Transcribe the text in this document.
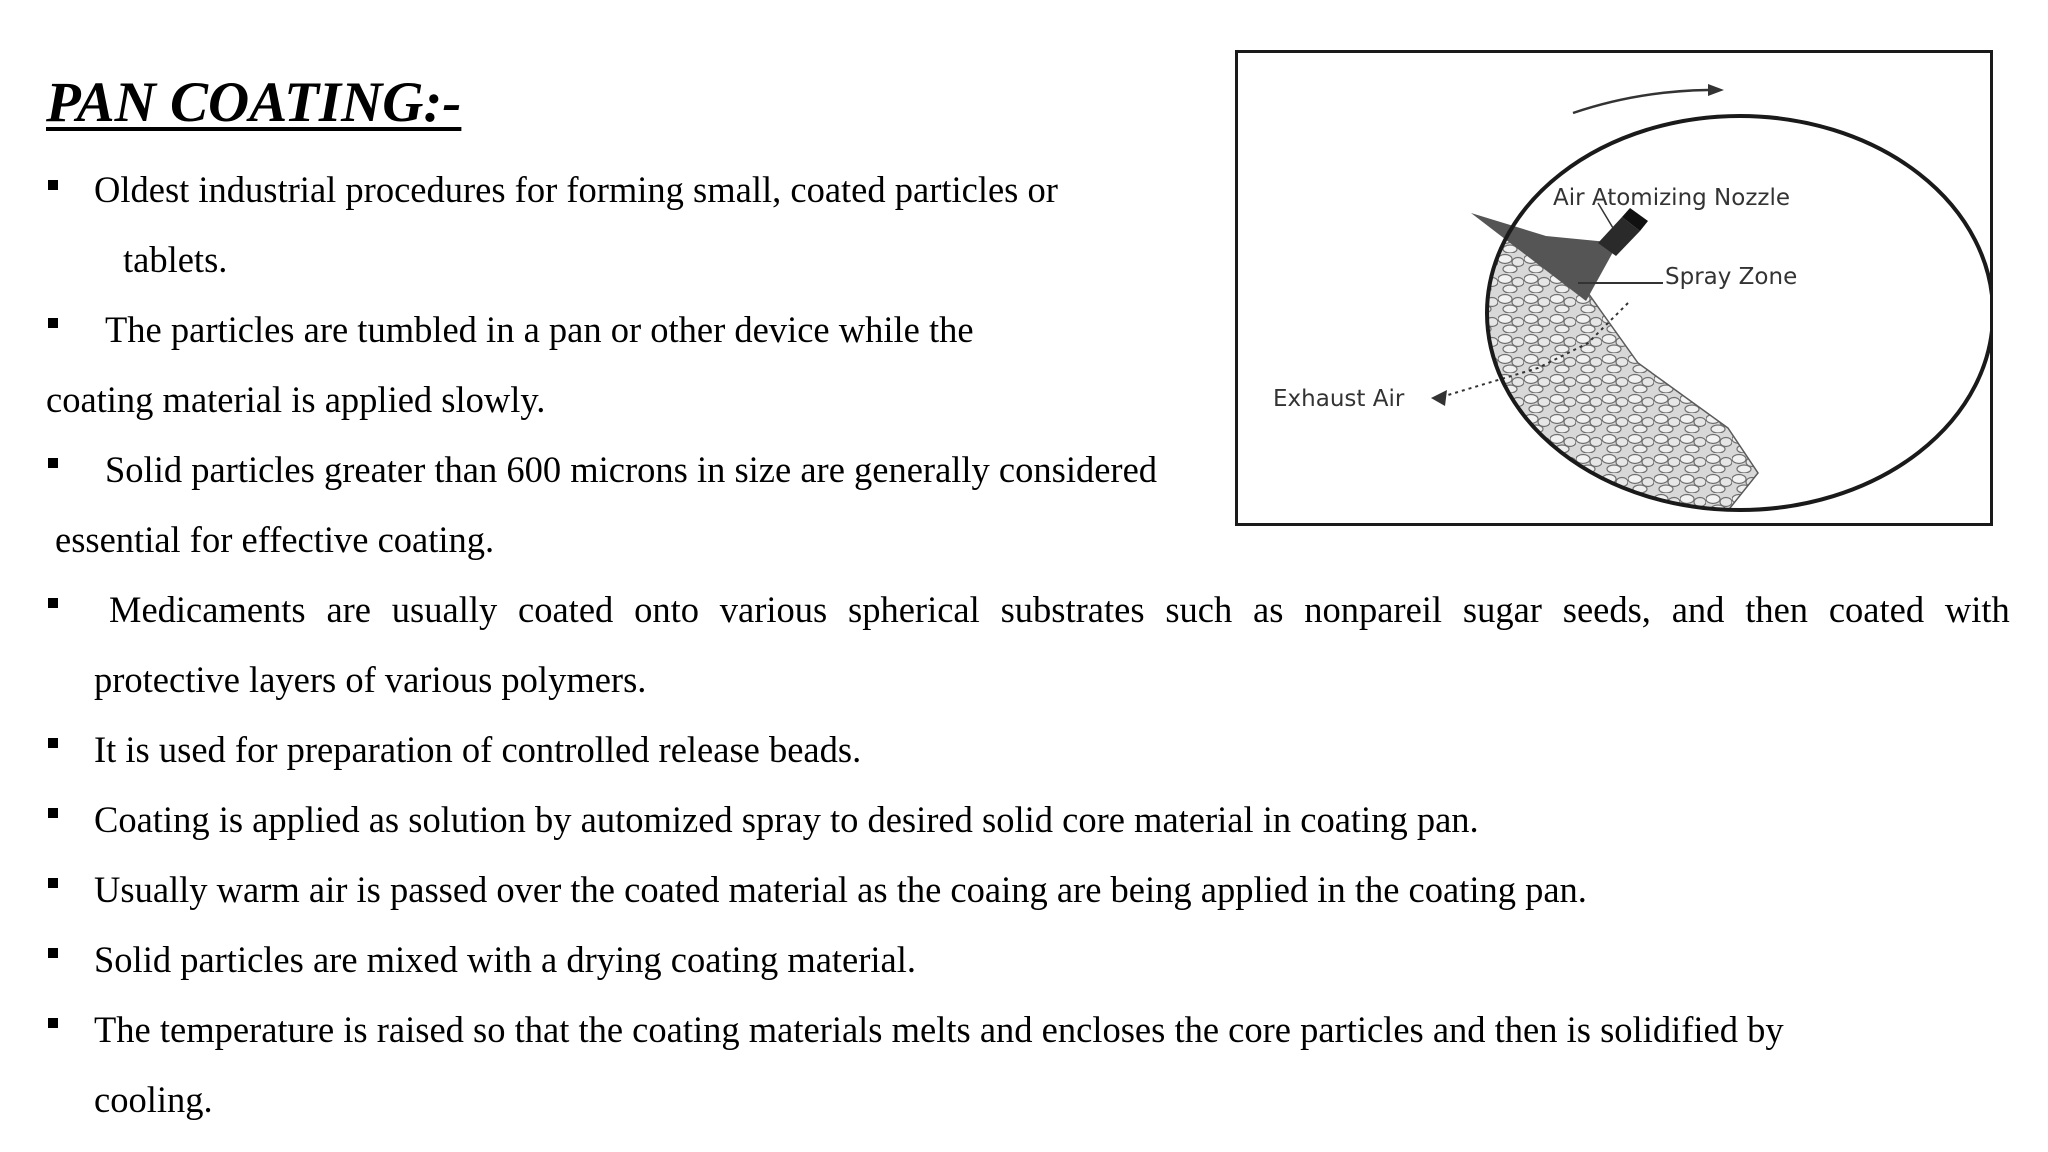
PAN COATING:-
Oldest industrial procedures for forming small, coated particles or
tablets.
The particles are tumbled in a pan or other device while the
coating material is applied slowly.
Solid particles greater than 600 microns in size are generally considered
essential for effective coating.
Medicaments are usually coated onto various spherical substrates such as nonpareil sugar seeds, and then coated with
protective layers of various polymers.
It is used for preparation of controlled release beads.
Coating is applied as solution by automized spray to desired solid core material in coating pan.
Usually warm air is passed over the coated material as the coaing are being applied in the coating pan.
Solid particles are mixed with a drying coating material.
The temperature is raised so that the coating materials melts and encloses the core particles and then is solidified by
cooling.
Air Atomizing Nozzle
Spray Zone
Exhaust Air
